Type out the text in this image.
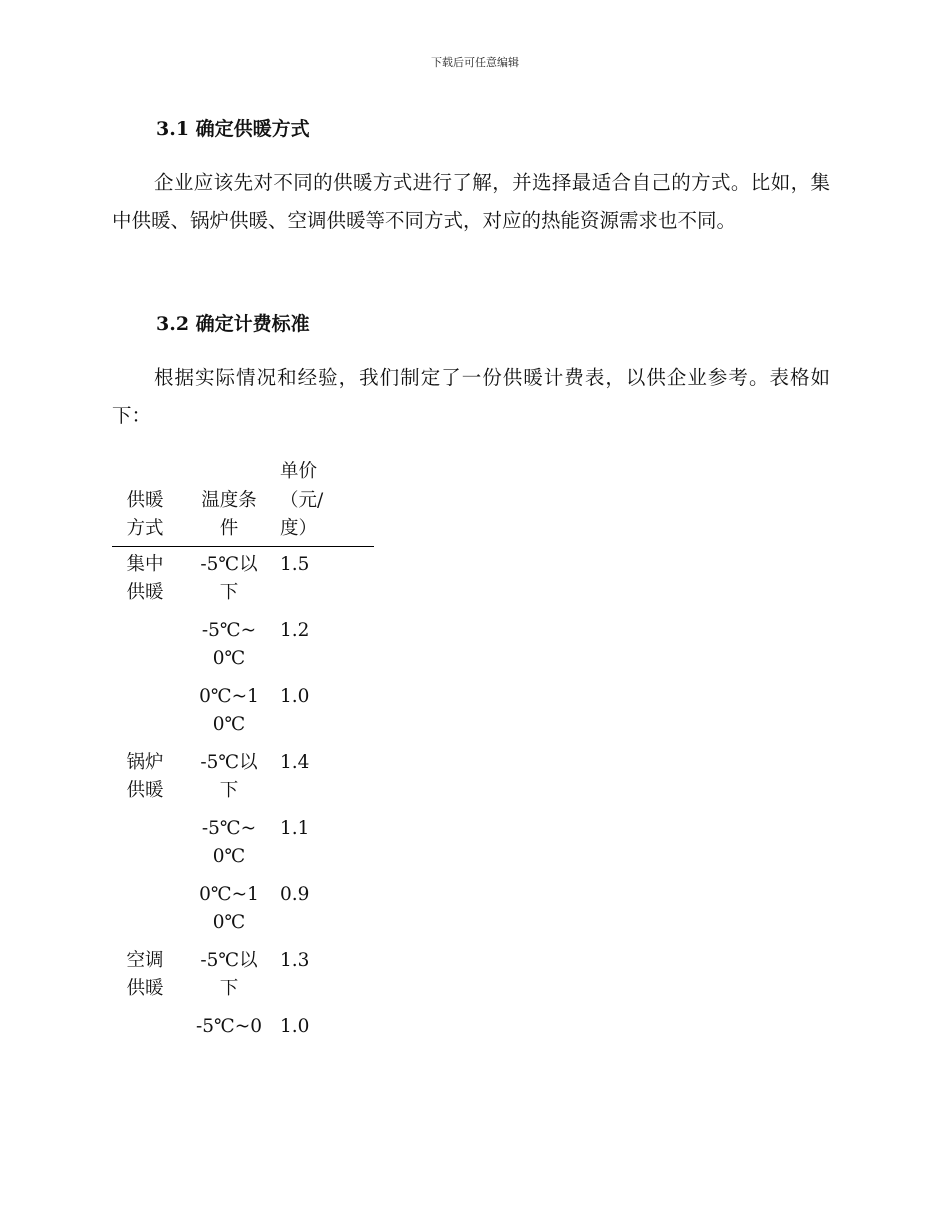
下载后可任意编辑
3.1 确定供暖方式

企业应该先对不同的供暖方式进行了解，并选择最适合自己的方式。比如，集中供暖、锅炉供暖、空调供暖等不同方式，对应的热能资源需求也不同。

3.2 确定计费标准

根据实际情况和经验，我们制定了一份供暖计费表，以供企业参考。表格如下：

供暖方式	温度条件	单价（元/度）
集中供暖	-5℃以下	1.5
	-5℃~0℃	1.2
	0℃~10℃	1.0
锅炉供暖	-5℃以下	1.4
	-5℃~0℃	1.1
	0℃~10℃	0.9
空调供暖	-5℃以下	1.3
	-5℃~0	1.0
